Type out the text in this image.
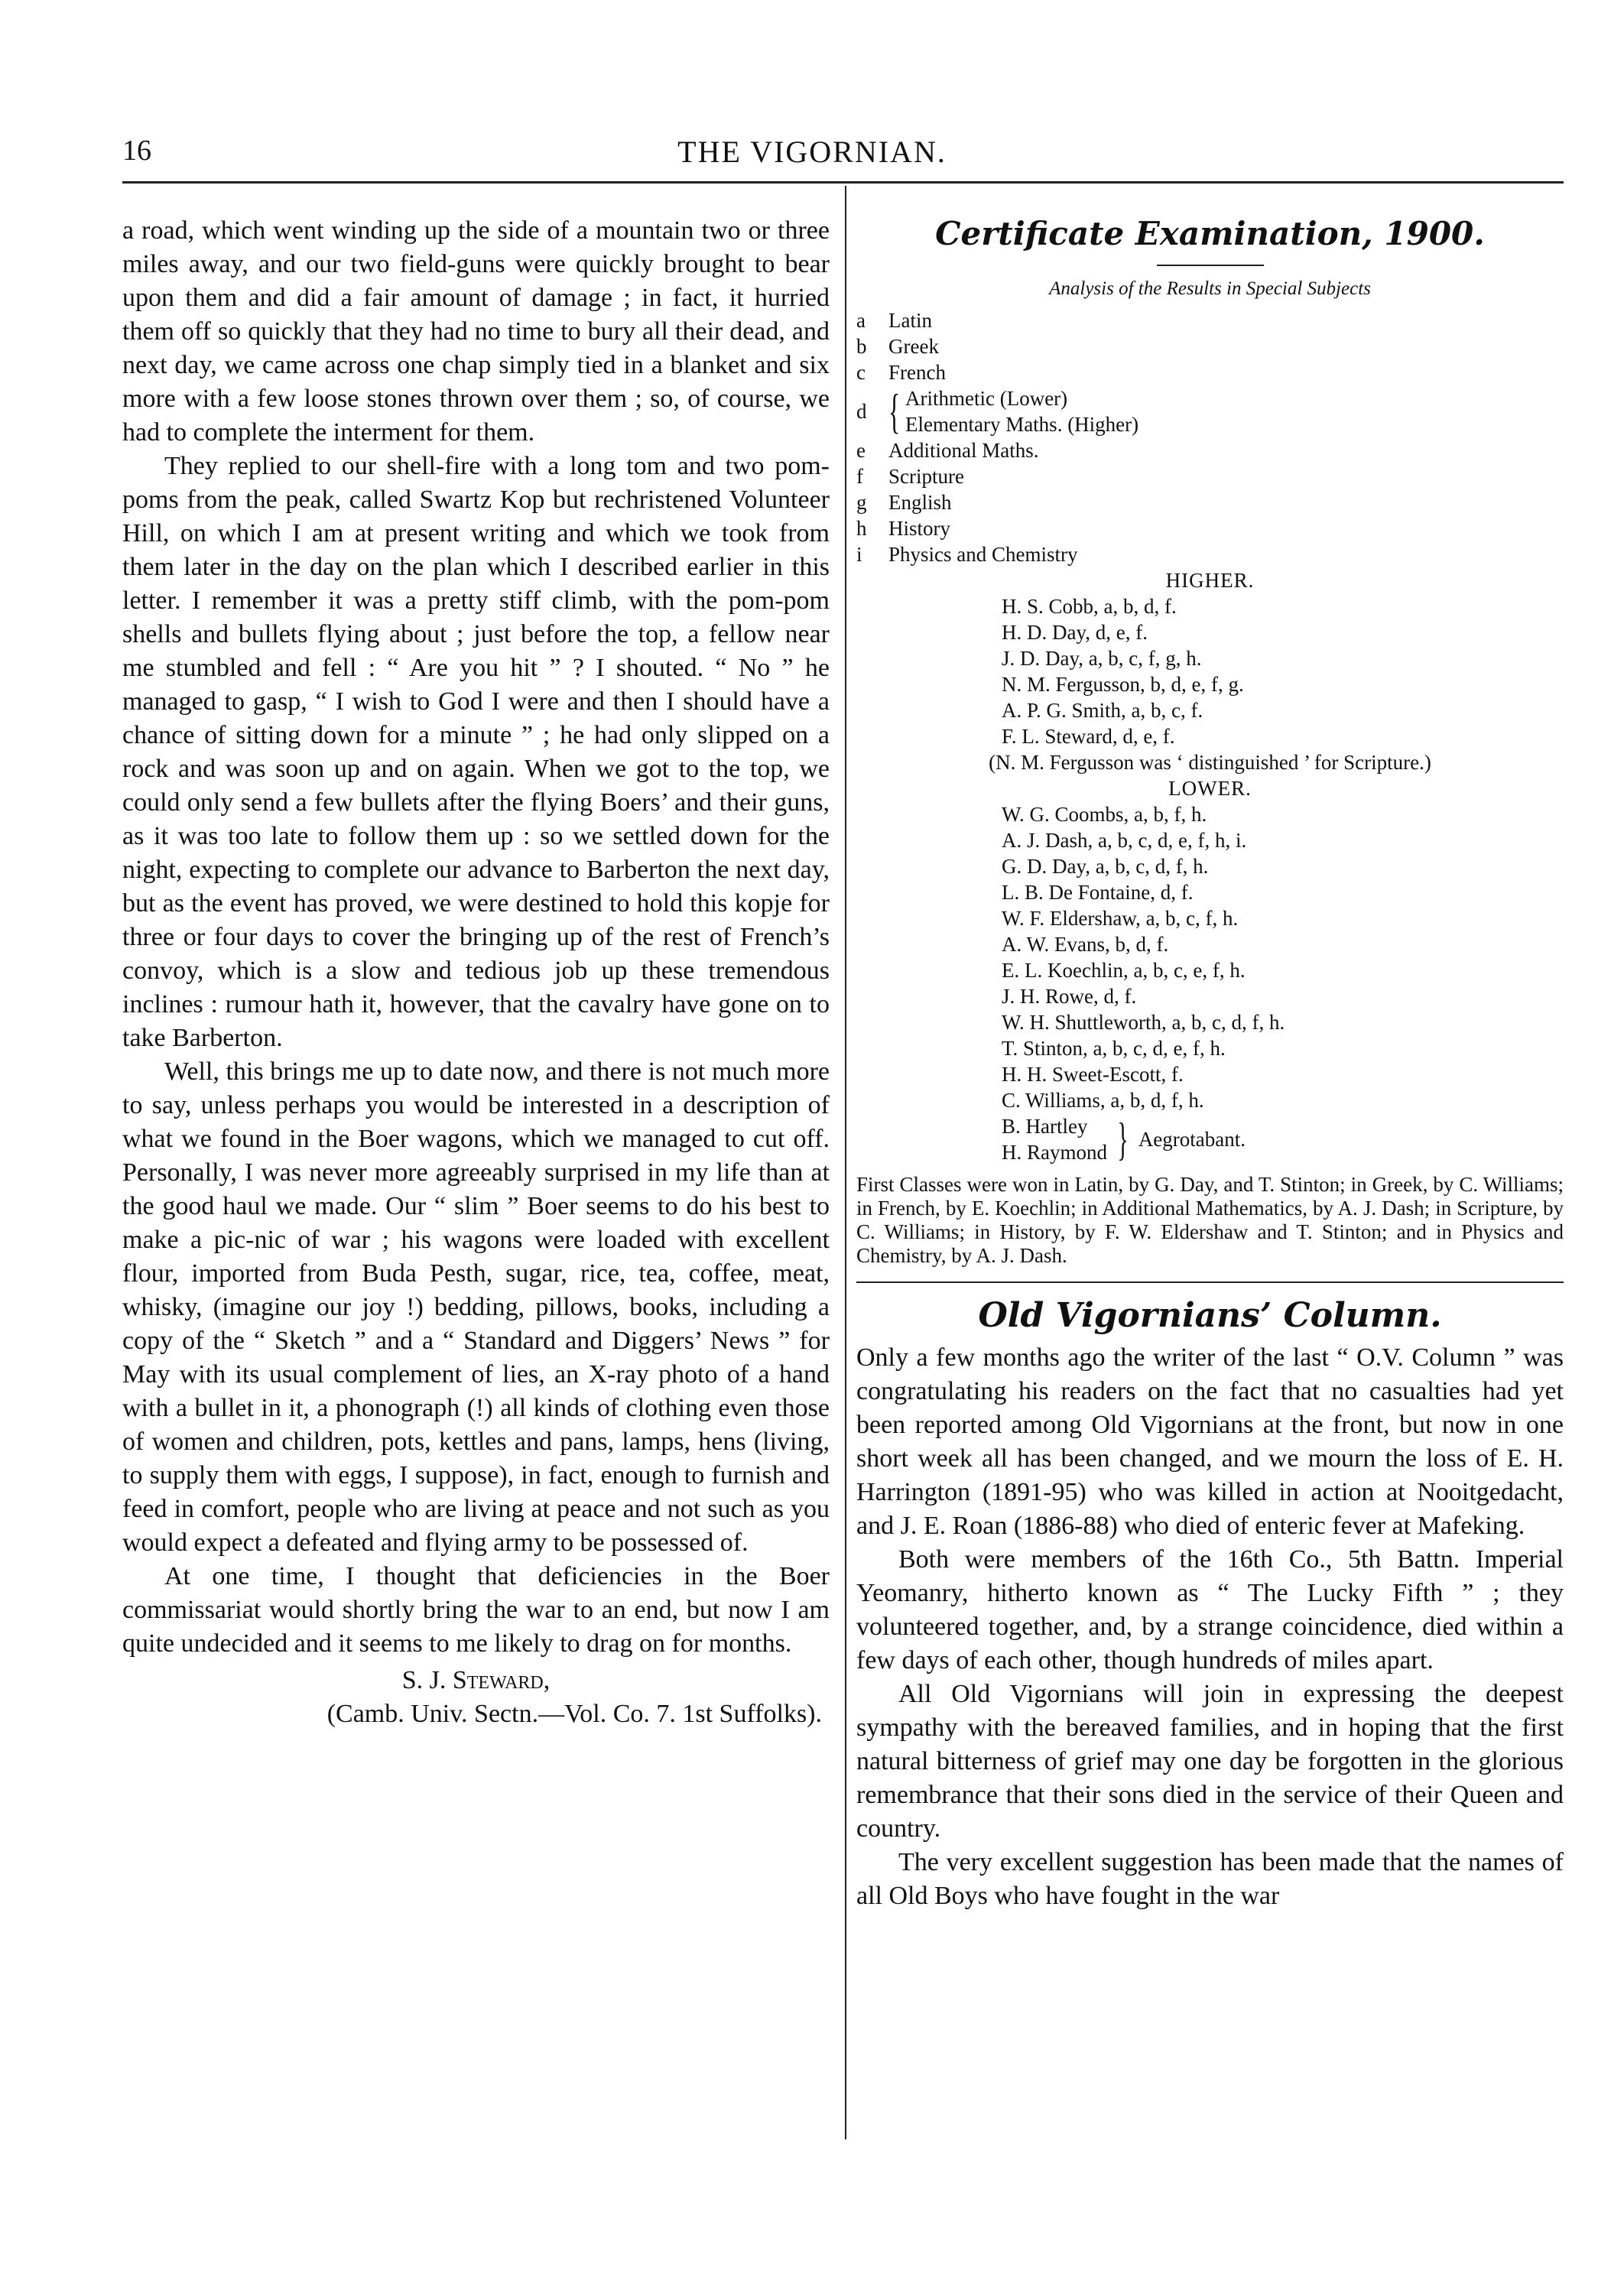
16	THE VIGORNIAN.

a road, which went winding up the side of a mountain two or three miles away, and our two field-guns were quickly brought to bear upon them and did a fair amount of damage ; in fact, it hurried them off so quickly that they had no time to bury all their dead, and next day, we came across one chap simply tied in a blanket and six more with a few loose stones thrown over them ; so, of course, we had to complete the interment for them.

They replied to our shell-fire with a long tom and two pom-poms from the peak, called Swartz Kop but rechristened Volunteer Hill, on which I am at present writing and which we took from them later in the day on the plan which I described earlier in this letter. I remember it was a pretty stiff climb, with the pom-pom shells and bullets flying about ; just before the top, a fellow near me stumbled and fell : “ Are you hit ” ? I shouted. “ No ” he managed to gasp, “ I wish to God I were and then I should have a chance of sitting down for a minute ” ; he had only slipped on a rock and was soon up and on again. When we got to the top, we could only send a few bullets after the flying Boers’ and their guns, as it was too late to follow them up : so we settled down for the night, expecting to complete our advance to Barberton the next day, but as the event has proved, we were destined to hold this kopje for three or four days to cover the bringing up of the rest of French’s convoy, which is a slow and tedious job up these tremendous inclines : rumour hath it, however, that the cavalry have gone on to take Barberton.

Well, this brings me up to date now, and there is not much more to say, unless perhaps you would be interested in a description of what we found in the Boer wagons, which we managed to cut off. Personally, I was never more agreeably surprised in my life than at the good haul we made. Our “ slim ” Boer seems to do his best to make a pic-nic of war ; his wagons were loaded with excellent flour, imported from Buda Pesth, sugar, rice, tea, coffee, meat, whisky, (imagine our joy !) bedding, pillows, books, including a copy of the “ Sketch ” and a “ Standard and Diggers’ News ” for May with its usual complement of lies, an X-ray photo of a hand with a bullet in it, a phonograph (!) all kinds of clothing even those of women and children, pots, kettles and pans, lamps, hens (living, to supply them with eggs, I suppose), in fact, enough to furnish and feed in comfort, people who are living at peace and not such as you would expect a defeated and flying army to be possessed of.

At one time, I thought that deficiencies in the Boer commissariat would shortly bring the war to an end, but now I am quite undecided and it seems to me likely to drag on for months.

S. J. Steward,
(Camb. Univ. Sectn.—Vol. Co. 7. 1st Suffolks).
Certificate Examination, 1900.
Analysis of the Results in Special Subjects
a	Latin
b	Greek
c	French
d { Arithmetic (Lower)
Elementary Maths. (Higher)
e	Additional Maths.
f	Scripture
g	English
h	History
i	Physics and Chemistry
HIGHER.
H. S. Cobb, a, b, d, f.
H. D. Day, d, e, f.
J. D. Day, a, b, c, f, g, h.
N. M. Fergusson, b, d, e, f, g.
A. P. G. Smith, a, b, c, f.
F. L. Steward, d, e, f.
(N. M. Fergusson was ‘ distinguished ’ for Scripture.)
LOWER.
W. G. Coombs, a, b, f, h.
A. J. Dash, a, b, c, d, e, f, h, i.
G. D. Day, a, b, c, d, f, h.
L. B. De Fontaine, d, f.
W. F. Eldershaw, a, b, c, f, h.
A. W. Evans, b, d, f.
E. L. Koechlin, a, b, c, e, f, h.
J. H. Rowe, d, f.
W. H. Shuttleworth, a, b, c, d, f, h.
T. Stinton, a, b, c, d, e, f, h.
H. H. Sweet-Escott, f.
C. Williams, a, b, d, f, h.
B. Hartley
H. Raymond } Aegrotabant.
First Classes were won in Latin, by G. Day, and T. Stinton; in Greek, by C. Williams; in French, by E. Koechlin; in Additional Mathematics, by A. J. Dash; in Scripture, by C. Williams; in History, by F. W. Eldershaw and T. Stinton; and in Physics and Chemistry, by A. J. Dash.
Old Vigornians’ Column.

Only a few months ago the writer of the last “ O.V. Column ” was congratulating his readers on the fact that no casualties had yet been reported among Old Vigornians at the front, but now in one short week all has been changed, and we mourn the loss of E. H. Harrington (1891-95) who was killed in action at Nooitgedacht, and J. E. Roan (1886-88) who died of enteric fever at Mafeking.

Both were members of the 16th Co., 5th Battn. Imperial Yeomanry, hitherto known as “ The Lucky Fifth ” ; they volunteered together, and, by a strange coincidence, died within a few days of each other, though hundreds of miles apart.

All Old Vigornians will join in expressing the deepest sympathy with the bereaved families, and in hoping that the first natural bitterness of grief may one day be forgotten in the glorious remembrance that their sons died in the service of their Queen and country.

The very excellent suggestion has been made that the names of all Old Boys who have fought in the war
